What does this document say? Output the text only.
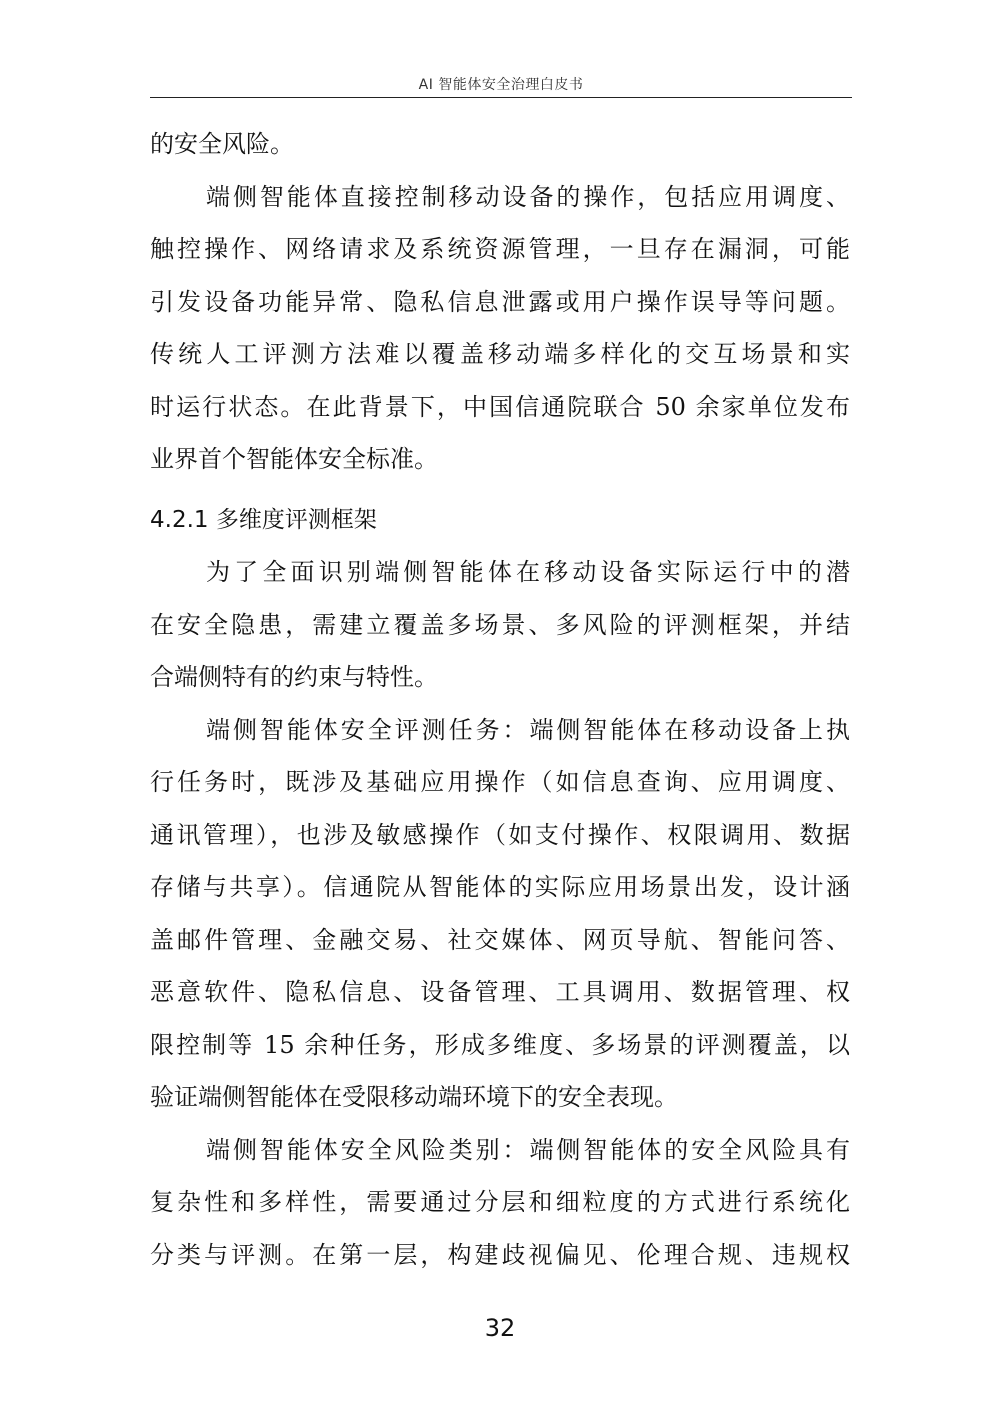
AI 智能体安全治理白皮书
的安全风险。
端侧智能体直接控制移动设备的操作，包括应用调度、
触控操作、网络请求及系统资源管理，一旦存在漏洞，可能
引发设备功能异常、隐私信息泄露或用户操作误导等问题。
传统人工评测方法难以覆盖移动端多样化的交互场景和实
时运行状态。在此背景下，中国信通院联合 50 余家单位发布
业界首个智能体安全标准。
4.2.1 多维度评测框架
为了全面识别端侧智能体在移动设备实际运行中的潜
在安全隐患，需建立覆盖多场景、多风险的评测框架，并结
合端侧特有的约束与特性。
端侧智能体安全评测任务：端侧智能体在移动设备上执
行任务时，既涉及基础应用操作（如信息查询、应用调度、
通讯管理），也涉及敏感操作（如支付操作、权限调用、数据
存储与共享）。信通院从智能体的实际应用场景出发，设计涵
盖邮件管理、金融交易、社交媒体、网页导航、智能问答、
恶意软件、隐私信息、设备管理、工具调用、数据管理、权
限控制等 15 余种任务，形成多维度、多场景的评测覆盖，以
验证端侧智能体在受限移动端环境下的安全表现。
端侧智能体安全风险类别：端侧智能体的安全风险具有
复杂性和多样性，需要通过分层和细粒度的方式进行系统化
分类与评测。在第一层，构建歧视偏见、伦理合规、违规权
32
